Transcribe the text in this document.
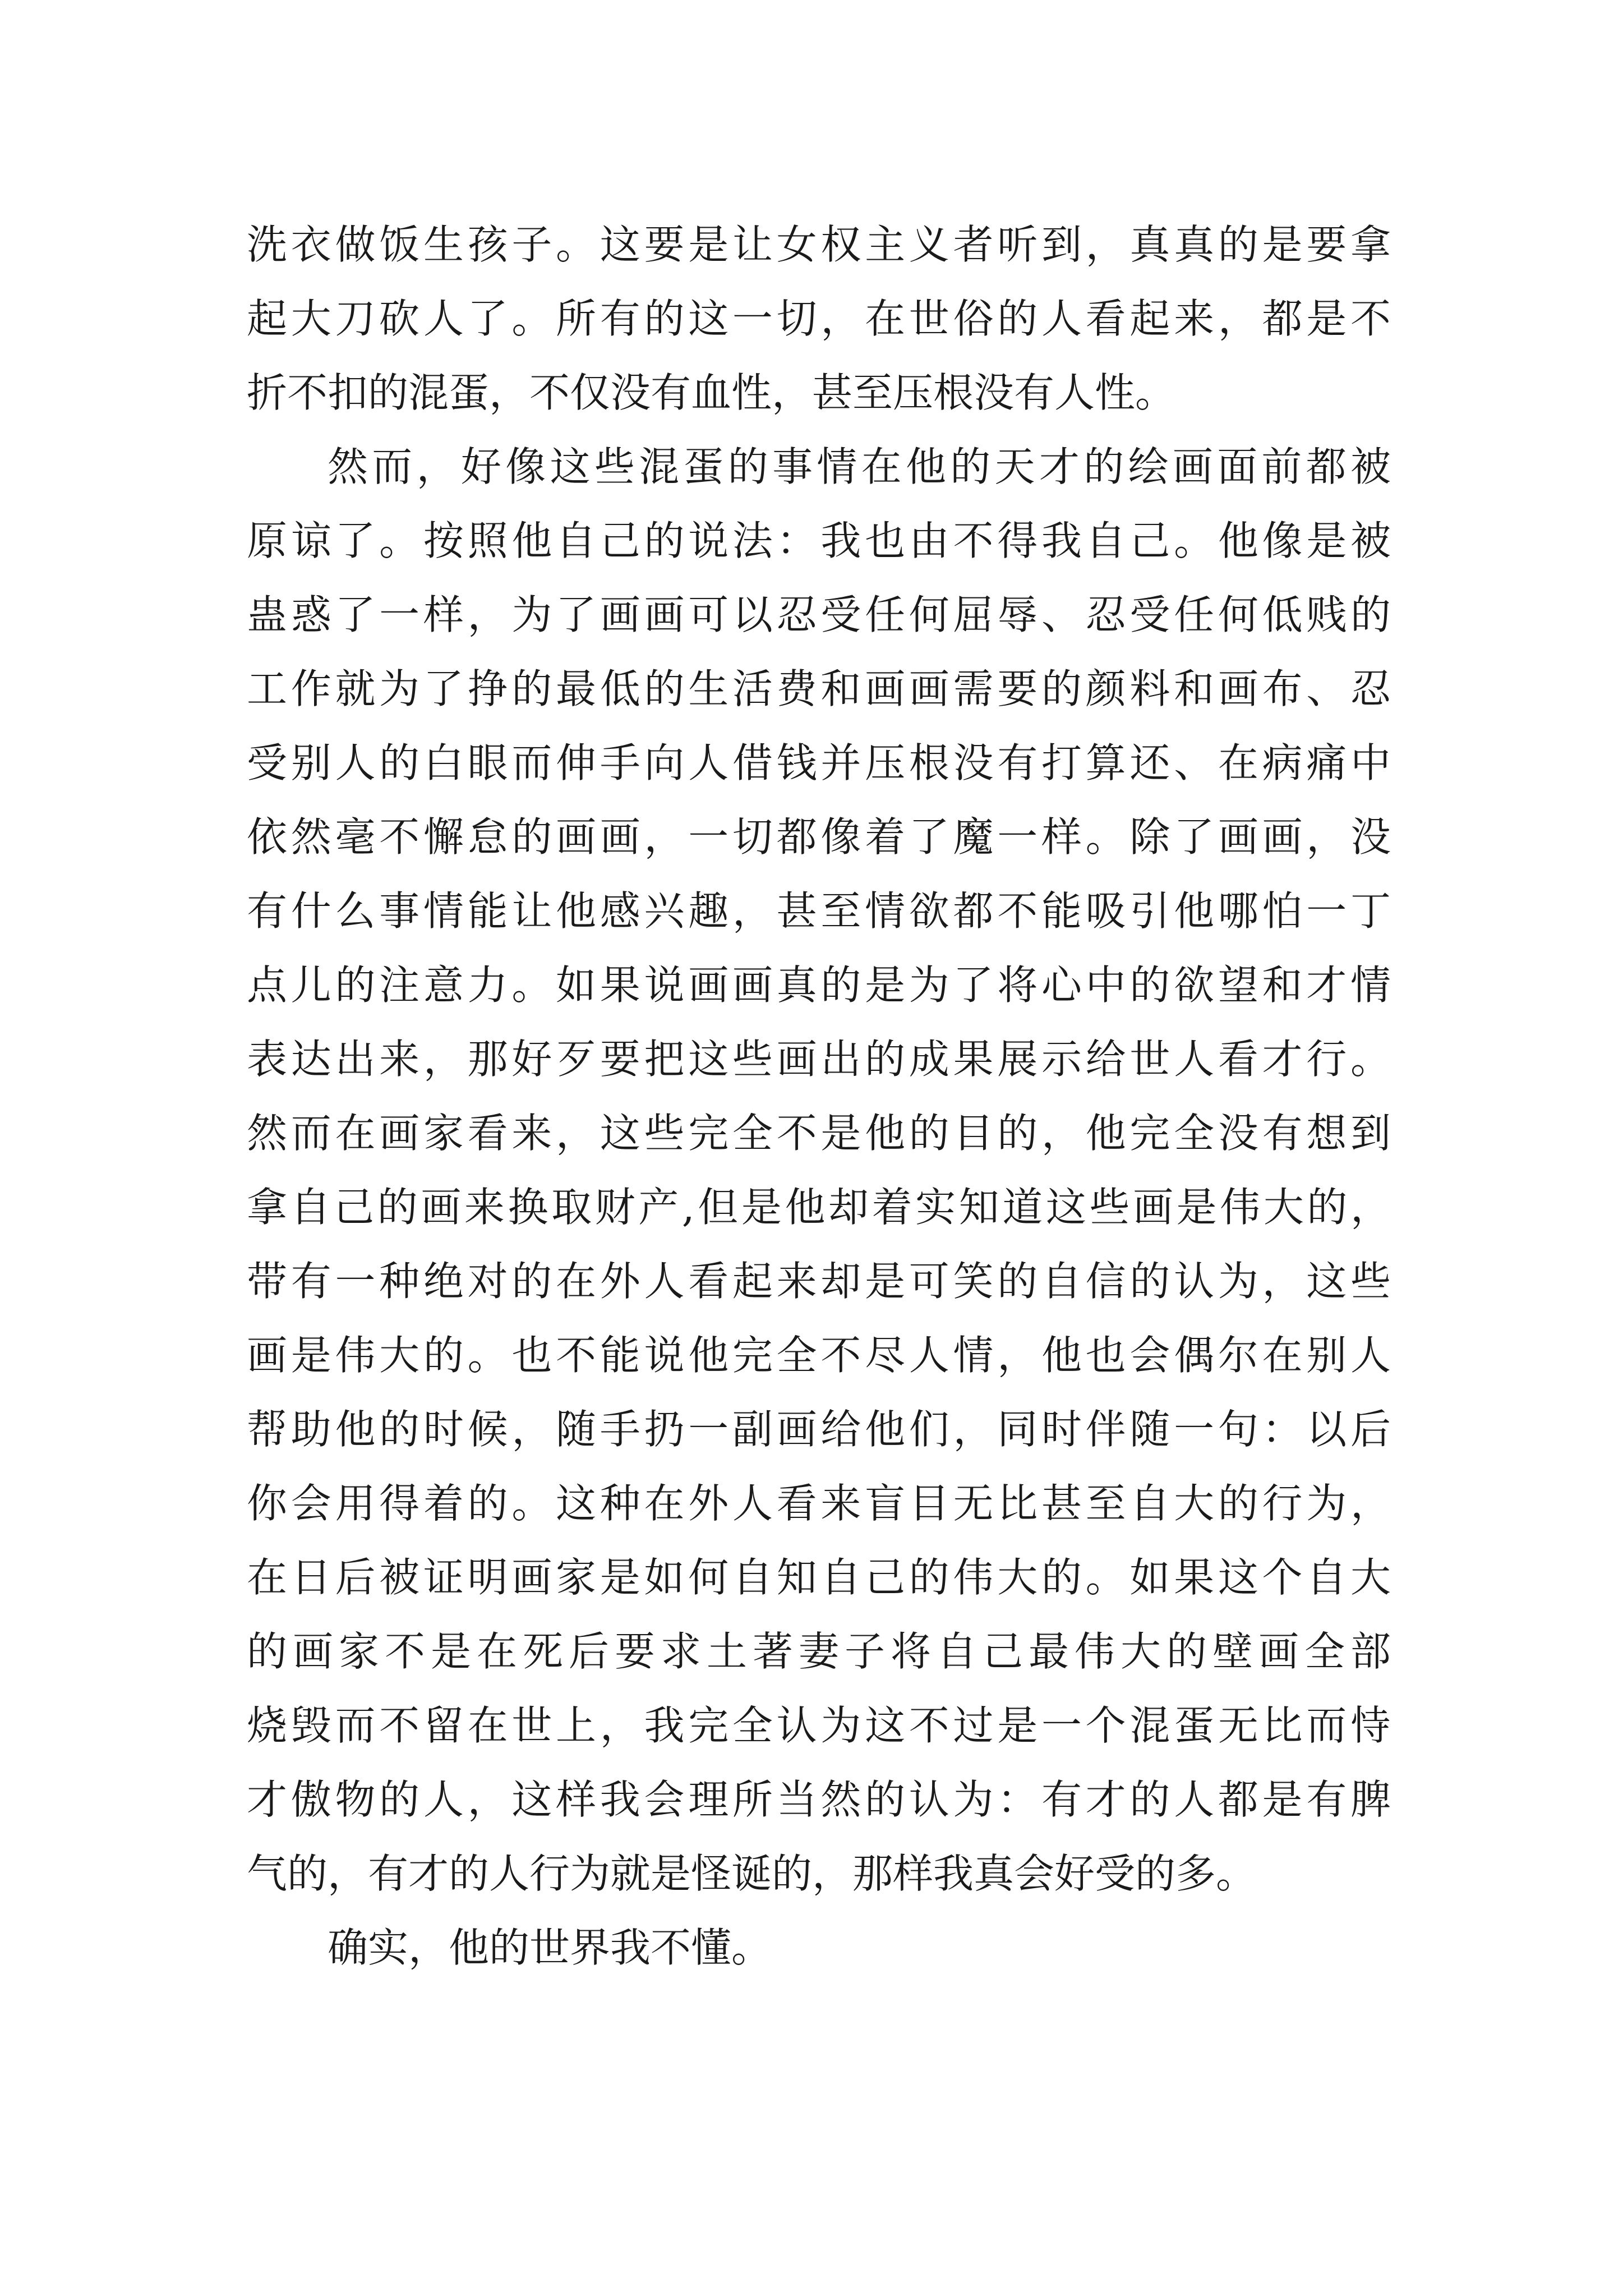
洗衣做饭生孩子。这要是让女权主义者听到，真真的是要拿
起大刀砍人了。所有的这一切，在世俗的人看起来，都是不
折不扣的混蛋，不仅没有血性，甚至压根没有人性。
然而，好像这些混蛋的事情在他的天才的绘画面前都被
原谅了。按照他自己的说法：我也由不得我自己。他像是被
蛊惑了一样，为了画画可以忍受任何屈辱、忍受任何低贱的
工作就为了挣的最低的生活费和画画需要的颜料和画布、忍
受别人的白眼而伸手向人借钱并压根没有打算还、在病痛中
依然毫不懈怠的画画，一切都像着了魔一样。除了画画，没
有什么事情能让他感兴趣，甚至情欲都不能吸引他哪怕一丁
点儿的注意力。如果说画画真的是为了将心中的欲望和才情
表达出来，那好歹要把这些画出的成果展示给世人看才行。
然而在画家看来，这些完全不是他的目的，他完全没有想到
拿自己的画来换取财产,但是他却着实知道这些画是伟大的，
带有一种绝对的在外人看起来却是可笑的自信的认为，这些
画是伟大的。也不能说他完全不尽人情，他也会偶尔在别人
帮助他的时候，随手扔一副画给他们，同时伴随一句：以后
你会用得着的。这种在外人看来盲目无比甚至自大的行为，
在日后被证明画家是如何自知自己的伟大的。如果这个自大
的画家不是在死后要求土著妻子将自己最伟大的壁画全部
烧毁而不留在世上，我完全认为这不过是一个混蛋无比而恃
才傲物的人，这样我会理所当然的认为：有才的人都是有脾
气的，有才的人行为就是怪诞的，那样我真会好受的多。
确实，他的世界我不懂。
